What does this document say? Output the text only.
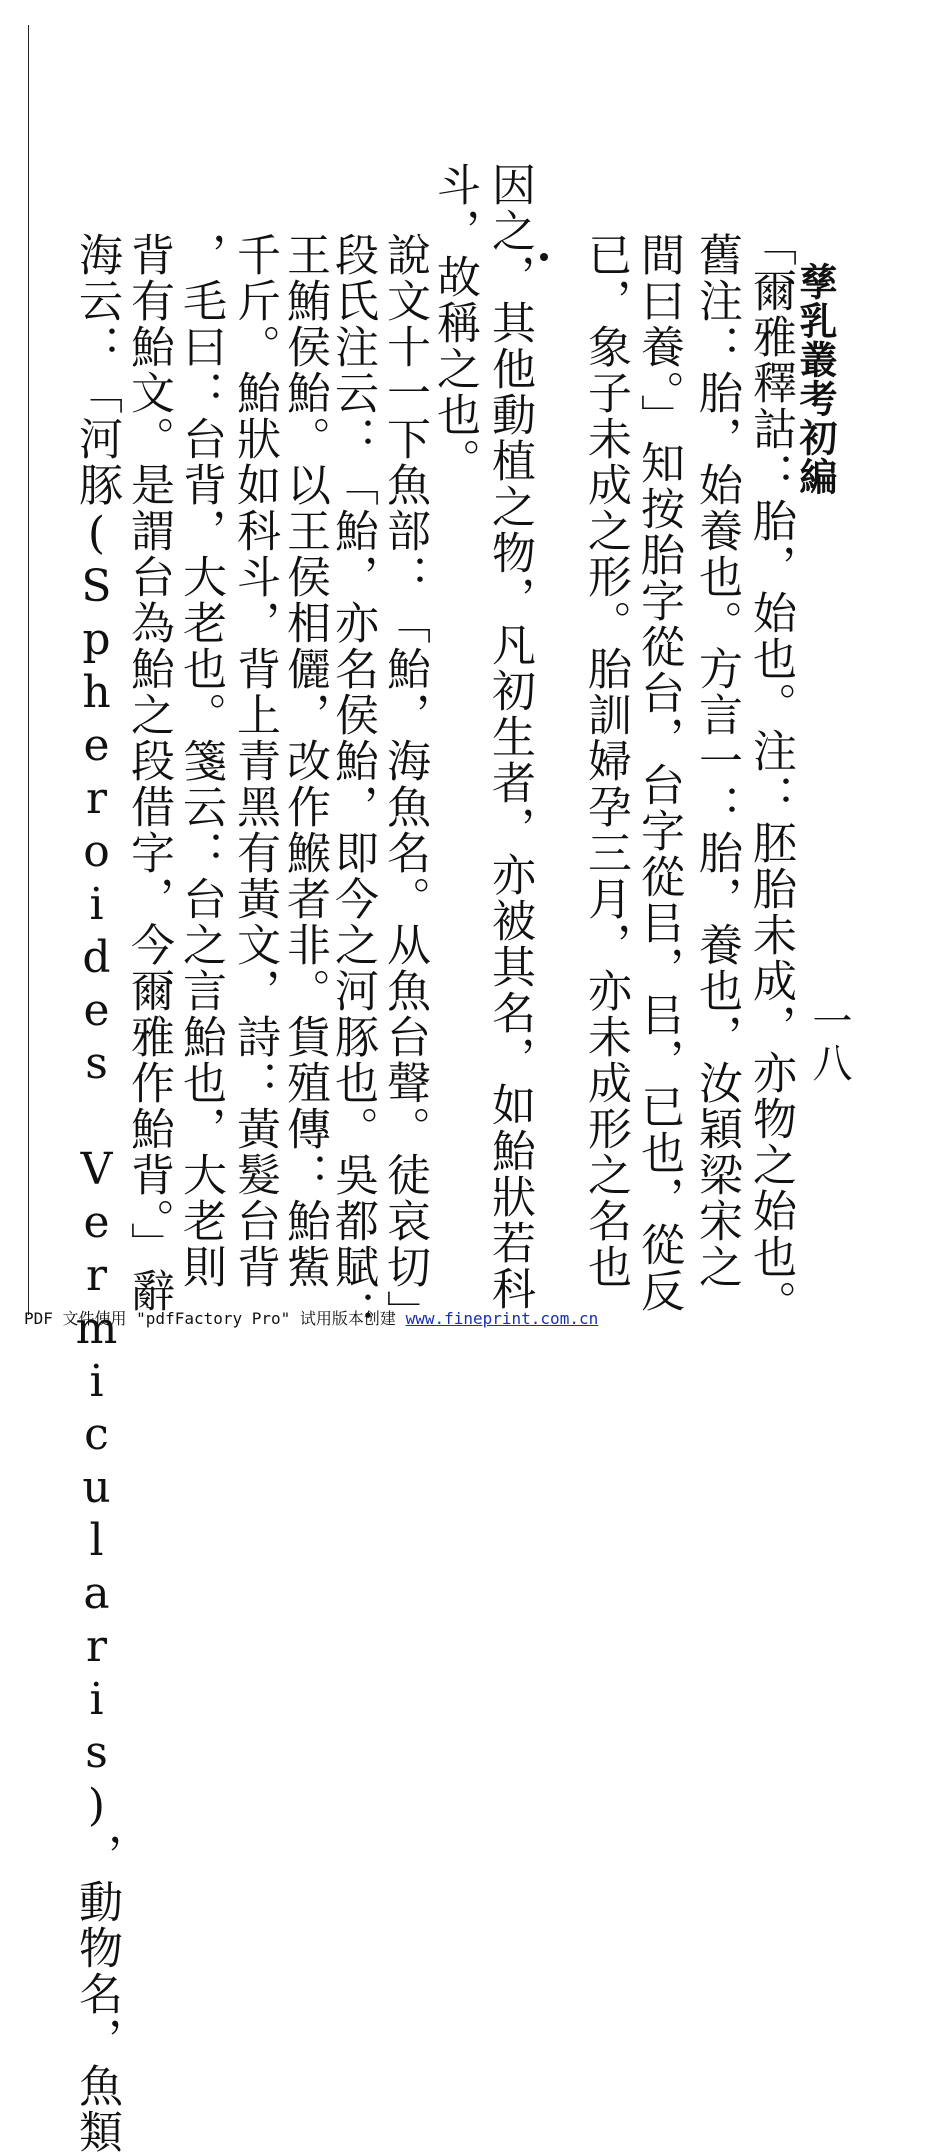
孳乳叢考初編
一八
「爾雅釋詁：胎，始也。注：胚胎未成，亦物之始也。
舊注：胎，始養也。方言一：胎，養也，汝穎梁宋之
間曰養。」知按胎字從台，台字從㠯，㠯，已也，從反
已，象子未成之形。胎訓婦孕三月，亦未成形之名也
因之，其他動植之物，凡初生者，亦被其名，如鮐狀若科
斗，故稱之也。
說文十一下魚部：「鮐，海魚名。从魚台聲。徒哀切」
段氏注云：「鮐，亦名侯鮐，即今之河豚也。吳都賦：
王鮪侯鮐。以王侯相儷，改作鯸者非。貨殖傳：鮐鮆
千斤。鮐狀如科斗，背上青黑有黃文，詩：黃髮台背
，毛曰：台背，大老也。箋云：台之言鮐也，大老則
背有鮐文。是謂台為鮐之段借字，今爾雅作鮐背。」辭
海云：「河豚(Spheroides Vermicularis)，動物名，魚類
PDF 文件使用 "pdfFactory Pro" 试用版本创建 www.fineprint.com.cn
